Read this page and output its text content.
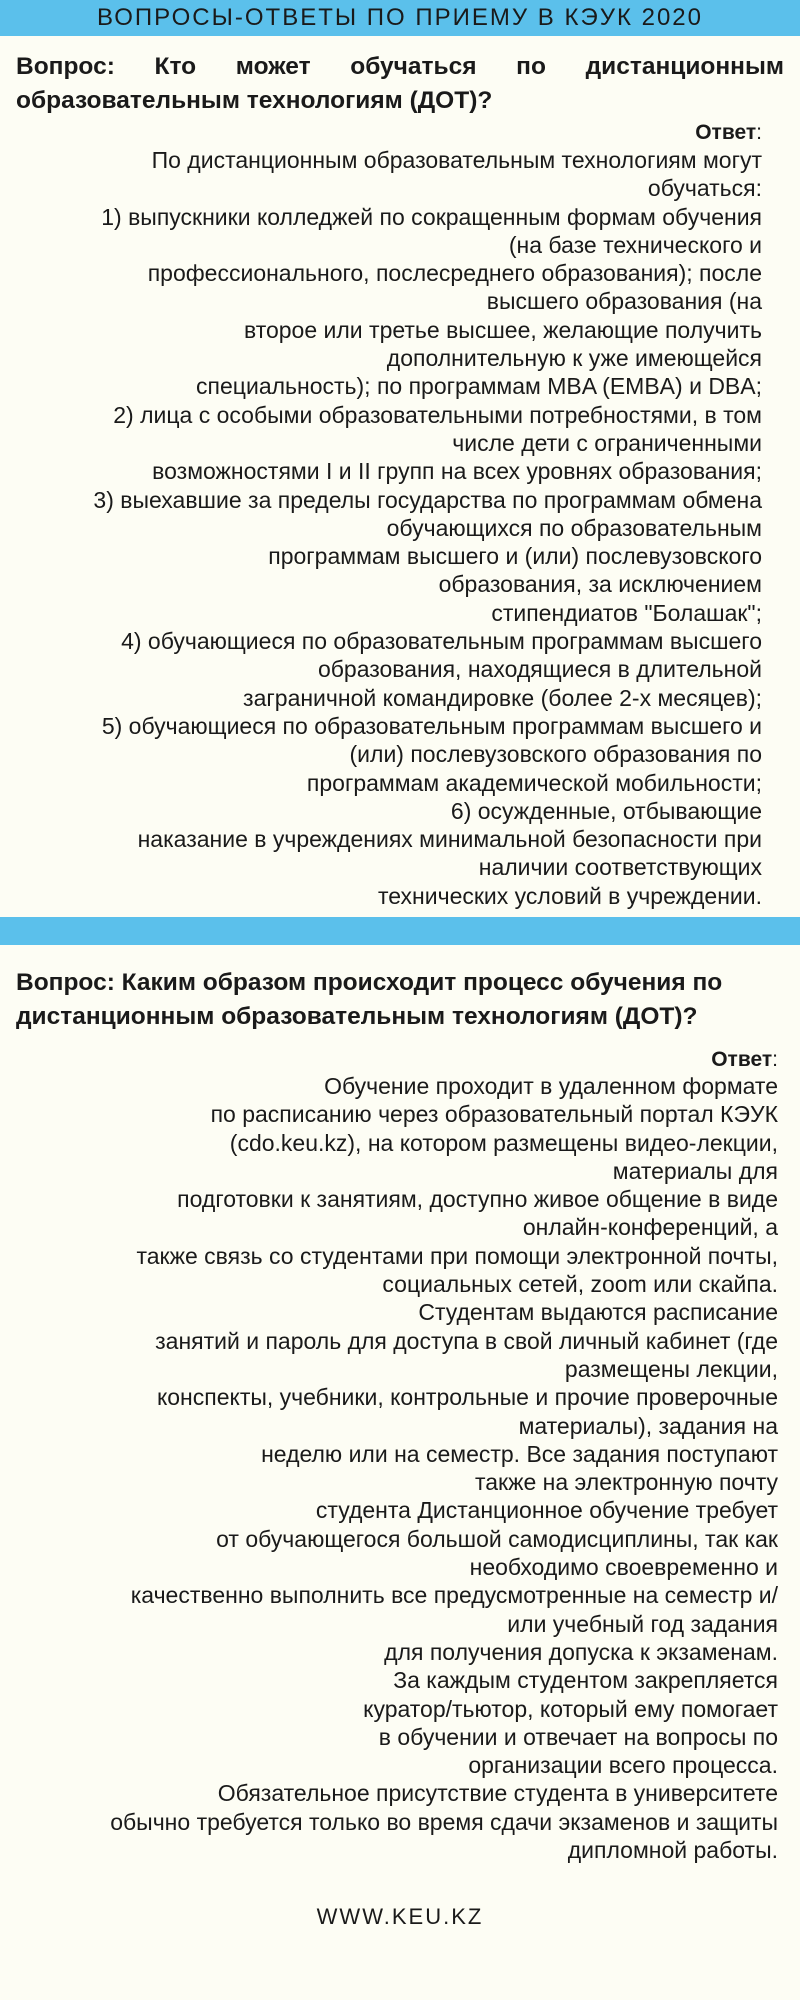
ВОПРОСЫ-ОТВЕТЫ ПО ПРИЕМУ В КЭУК 2020
Вопрос: Кто может обучаться по дистанционным образовательным технологиям (ДОТ)?
Ответ:
По дистанционным образовательным технологиям могут
обучаться:
1) выпускники колледжей по сокращенным формам обучения
(на базе технического и
профессионального, послесреднего образования); после
высшего образования (на
второе или третье высшее, желающие получить
дополнительную к уже имеющейся
специальность); по программам MBA (EMBA) и DBA;
2) лица с особыми образовательными потребностями, в том
числе дети с ограниченными
возможностями I и II групп на всех уровнях образования;
3) выехавшие за пределы государства по программам обмена
обучающихся по образовательным
программам высшего и (или) послевузовского
образования, за исключением
стипендиатов "Болашак";
4) обучающиеся по образовательным программам высшего
образования, находящиеся в длительной
заграничной командировке (более 2-х месяцев);
5) обучающиеся по образовательным программам высшего и
(или) послевузовского образования по
программам академической мобильности;
6) осужденные, отбывающие
наказание в учреждениях минимальной безопасности при
наличии соответствующих
технических условий в учреждении.
Вопрос: Каким образом происходит процесс обучения по дистанционным образовательным технологиям (ДОТ)?
Ответ:
Обучение проходит в удаленном формате
по расписанию через образовательный портал КЭУК
(cdo.keu.kz), на котором размещены видео-лекции,
материалы для
подготовки к занятиям, доступно живое общение в виде
онлайн-конференций, а
также связь со студентами при помощи электронной почты,
социальных сетей, zoom или скайпа.
Студентам выдаются расписание
занятий и пароль для доступа в свой личный кабинет (где
размещены лекции,
конспекты, учебники, контрольные и прочие проверочные
материалы), задания на
неделю или на семестр. Все задания поступают
также на электронную почту
студента Дистанционное обучение требует
от обучающегося большой самодисциплины, так как
необходимо своевременно и
качественно выполнить все предусмотренные на семестр и/
или учебный год задания
для получения допуска к экзаменам.
За каждым студентом закрепляется
куратор/тьютор, который ему помогает
в обучении и отвечает на вопросы по
организации всего процесса.
Обязательное присутствие студента в университете
обычно требуется только во время сдачи экзаменов и защиты
дипломной работы.
WWW.KEU.KZ
